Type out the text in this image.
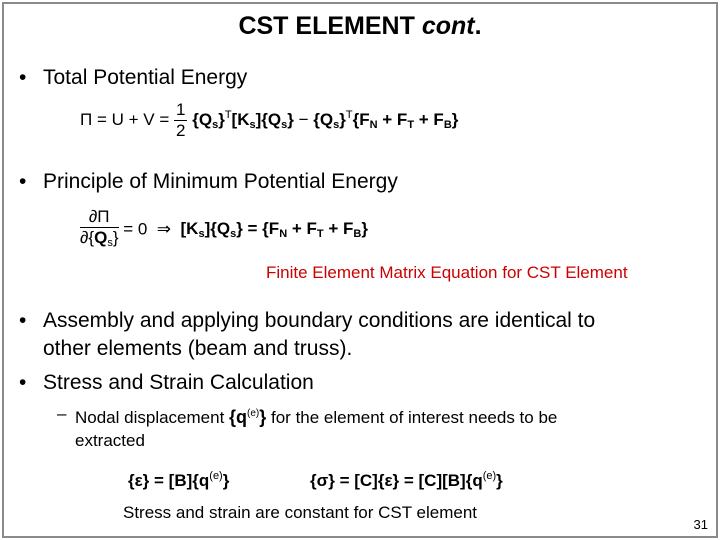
CST ELEMENT cont.
• Total Potential Energy
$\Pi = U + V = \frac{1}{2} \{Q_s\}^T[K_s]\{Q_s\} - \{Q_s\}^T\{F_N + F_T + F_B\}$
• Principle of Minimum Potential Energy
$\frac{\partial\Pi}{\partial\{Q_s\}} = 0$  ⇒  $[K_s]\{Q_s\} = \{F_N + F_T + F_B\}$
Finite Element Matrix Equation for CST Element
• Assembly and applying boundary conditions are identical to
other elements (beam and truss).
• Stress and Strain Calculation
– Nodal displacement $\{q^{(e)}\}$ for the element of interest needs to be
extracted
$\{\varepsilon\} = [B]\{q^{(e)}\}$	$\{\sigma\} = [C]\{\varepsilon\} = [C][B]\{q^{(e)}\}$
Stress and strain are constant for CST element
31
